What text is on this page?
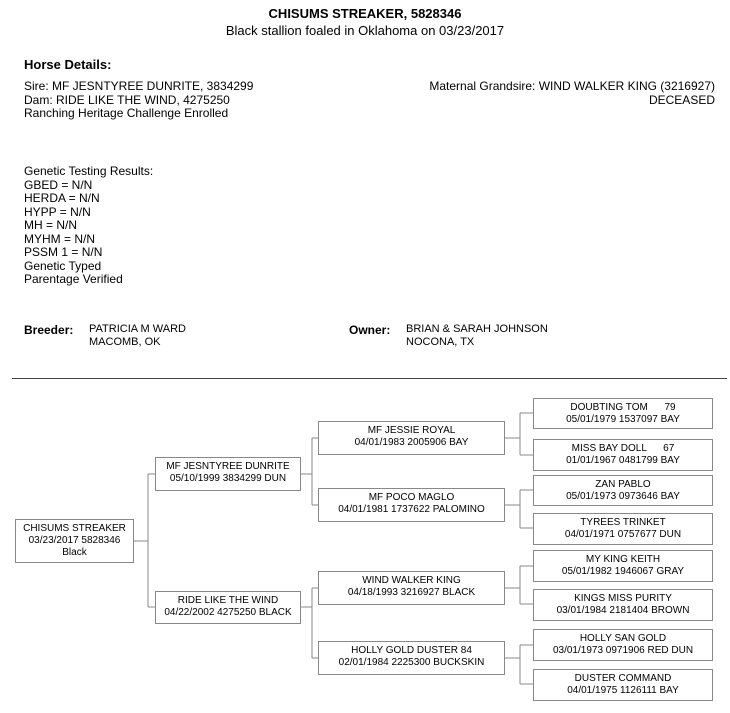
CHISUMS STREAKER, 5828346
Black stallion foaled in Oklahoma on 03/23/2017
Horse Details:
Sire: MF JESNTYREE DUNRITE, 3834299
Dam: RIDE LIKE THE WIND, 4275250
Ranching Heritage Challenge Enrolled
Maternal Grandsire: WIND WALKER KING (3216927)
DECEASED
Genetic Testing Results:
GBED = N/N
HERDA = N/N
HYPP = N/N
MH = N/N
MYHM = N/N
PSSM 1 = N/N
Genetic Typed
Parentage Verified
Breeder: PATRICIA M WARD
MACOMB, OK
Owner: BRIAN & SARAH JOHNSON
NOCONA, TX
CHISUMS STREAKER
03/23/2017 5828346
Black
MF JESNTYREE DUNRITE
05/10/1999 3834299 DUN
RIDE LIKE THE WIND
04/22/2002 4275250 BLACK
MF JESSIE ROYAL
04/01/1983 2005906 BAY
MF POCO MAGLO
04/01/1981 1737622 PALOMINO
WIND WALKER KING
04/18/1993 3216927 BLACK
HOLLY GOLD DUSTER 84
02/01/1984 2225300 BUCKSKIN
DOUBTING TOM      79
05/01/1979 1537097 BAY
MISS BAY DOLL      67
01/01/1967 0481799 BAY
ZAN PABLO
05/01/1973 0973646 BAY
TYREES TRINKET
04/01/1971 0757677 DUN
MY KING KEITH
05/01/1982 1946067 GRAY
KINGS MISS PURITY
03/01/1984 2181404 BROWN
HOLLY SAN GOLD
03/01/1973 0971906 RED DUN
DUSTER COMMAND
04/01/1975 1126111 BAY
